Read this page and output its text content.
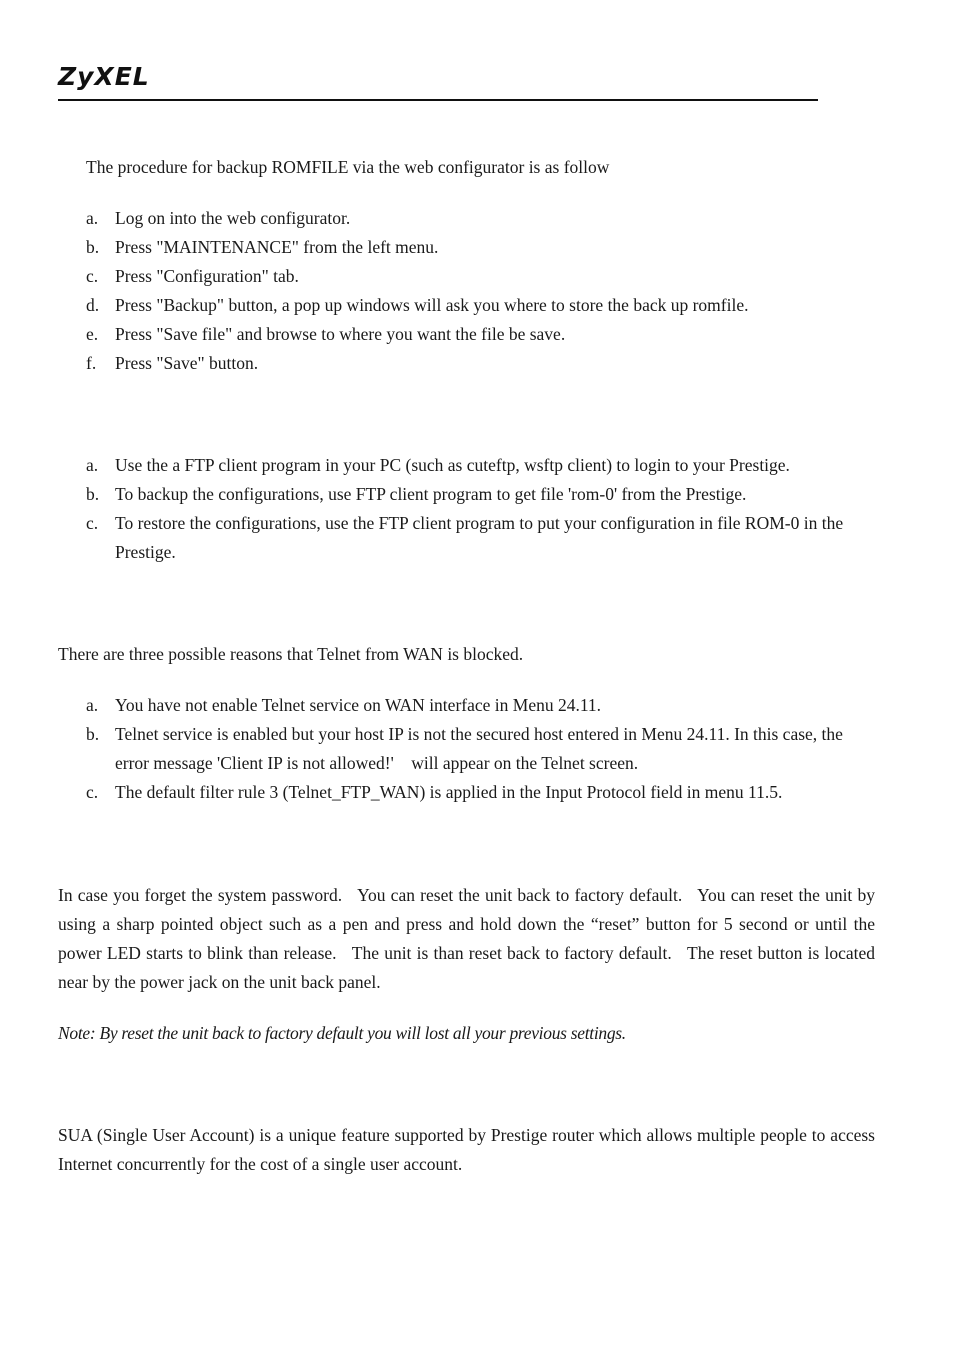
ZyXEL

The procedure for backup ROMFILE via the web configurator is as follow

a. Log on into the web configurator.
b. Press "MAINTENANCE" from the left menu.
c. Press "Configuration" tab.
d. Press "Backup" button, a pop up windows will ask you where to store the back up romfile.
e. Press "Save file" and browse to where you want the file be save.
f. Press "Save" button.
a. Use the a FTP client program in your PC (such as cuteftp, wsftp client) to login to your Prestige.
b. To backup the configurations, use FTP client program to get file 'rom-0' from the Prestige.
c. To restore the configurations, use the FTP client program to put your configuration in file ROM-0 in the Prestige.

There are three possible reasons that Telnet from WAN is blocked.

a. You have not enable Telnet service on WAN interface in Menu 24.11.
b. Telnet service is enabled but your host IP is not the secured host entered in Menu 24.11. In this case, the error message 'Client IP is not allowed!'    will appear on the Telnet screen.
c. The default filter rule 3 (Telnet_FTP_WAN) is applied in the Input Protocol field in menu 11.5.

In case you forget the system password.   You can reset the unit back to factory default.   You can reset the unit by using a sharp pointed object such as a pen and press and hold down the “reset” button for 5 second or until the power LED starts to blink than release.   The unit is than reset back to factory default.   The reset button is located near by the power jack on the unit back panel.

Note: By reset the unit back to factory default you will lost all your previous settings.

SUA (Single User Account) is a unique feature supported by Prestige router which allows multiple people to access Internet concurrently for the cost of a single user account.
